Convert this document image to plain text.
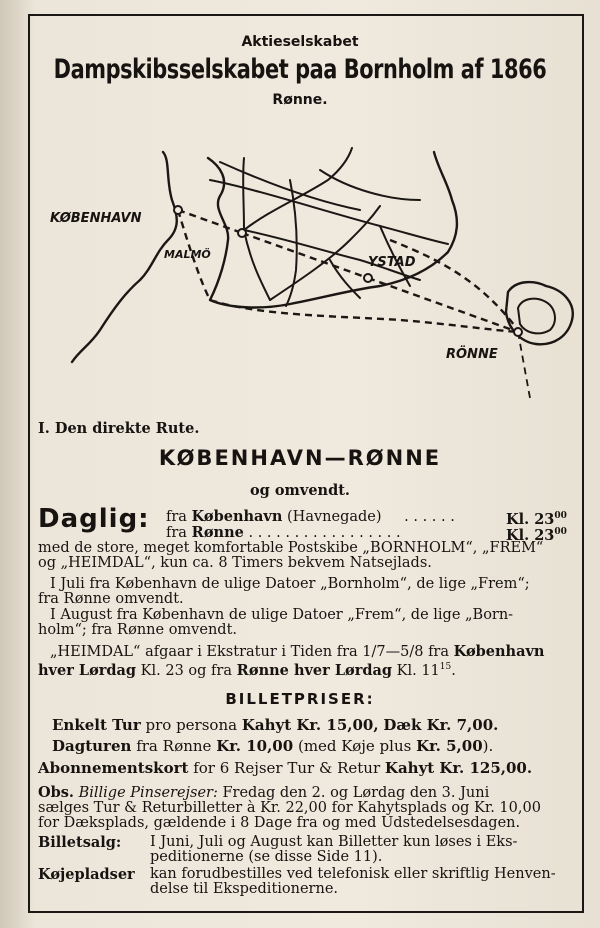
Aktieselskabet
Dampskibsselskabet paa Bornholm af 1866
Rønne.
KØBENHAVN
MALMÖ
YSTAD
RÖNNE
I. Den direkte Rute.
KØBENHAVN—RØNNE
og omvendt.
Daglig: fra København (Havnegade) . . . . . .	Kl. $23^{00}$
fra Rønne . . . . . . . . . . . . . . . . .	Kl. $23^{00}$
med de store, meget komfortable Postskibe „BORNHOLM“, „FREM“
og „HEIMDAL“, kun ca. 8 Timers bekvem Natsejlads.
I Juli fra København de ulige Datoer „Bornholm“, de lige „Frem“;
fra Rønne omvendt.
I August fra København de ulige Datoer „Frem“, de lige „Born-
holm“; fra Rønne omvendt.
„HEIMDAL“ afgaar i Ekstratur i Tiden fra 1/7—5/8 fra København
hver Lørdag Kl. 23 og fra Rønne hver Lørdag Kl. $11^{15}$.
BILLETPRISER:
Enkelt Tur pro persona Kahyt Kr. 15,00, Dæk Kr. 7,00.
Dagturen fra Rønne Kr. 10,00 (med Køje plus Kr. 5,00).
Abonnementskort for 6 Rejser Tur & Retur Kahyt Kr. 125,00.
Obs. Billige Pinserejser: Fredag den 2. og Lørdag den 3. Juni
sælges Tur & Returbilletter à Kr. 22,00 for Kahytsplads og Kr. 10,00
for Dæksplads, gældende i 8 Dage fra og med Udstedelsesdagen.
Billetsalg: I Juni, Juli og August kan Billetter kun løses i Eks-
peditionerne (se disse Side 11).
Køjepladser kan forudbestilles ved telefonisk eller skriftlig Henven-
delse til Ekspeditionerne.
